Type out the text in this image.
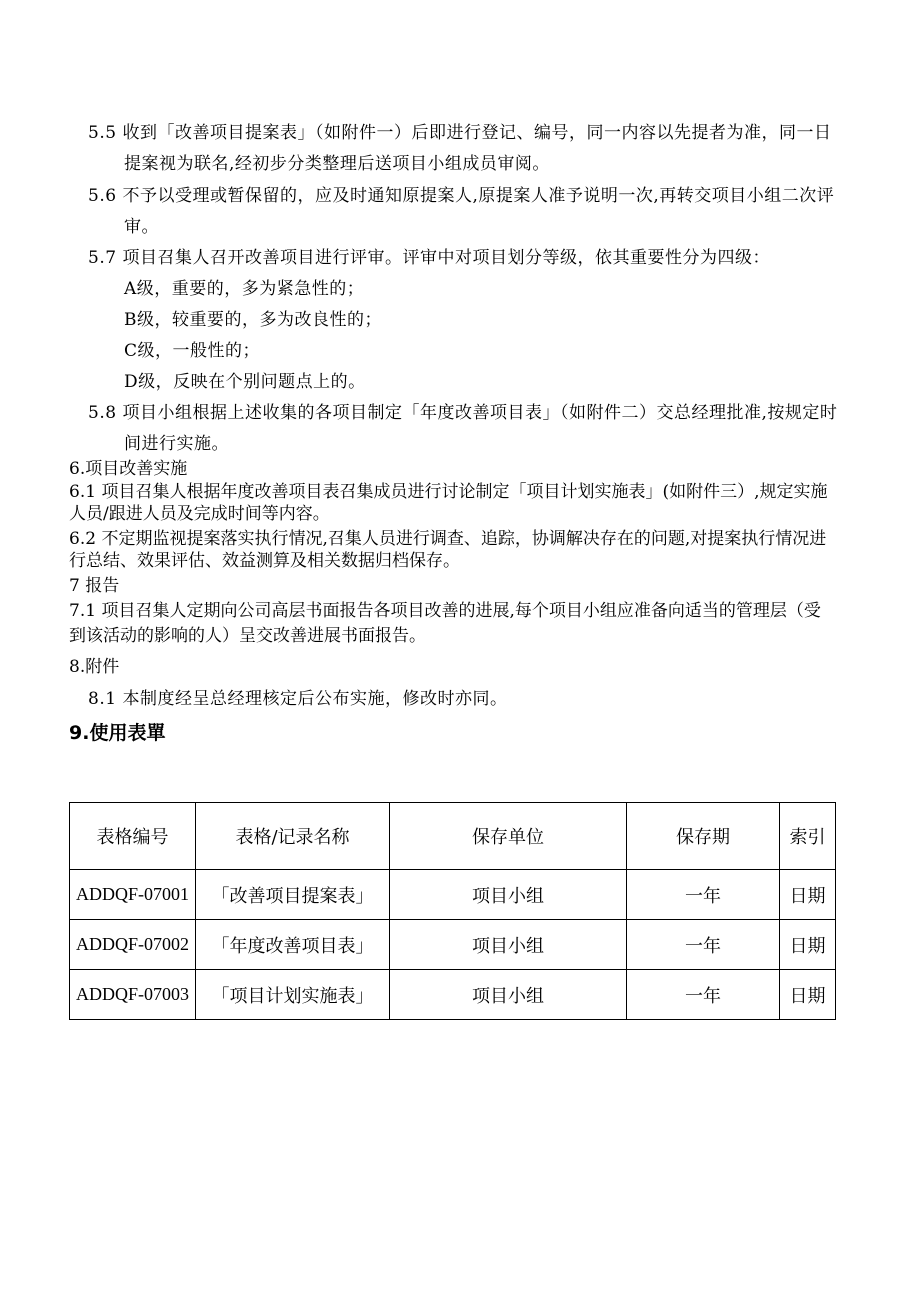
5.5 收到「改善项目提案表」（如附件一）后即进行登记、编号，同一内容以先提者为准，同一日
提案视为联名,经初步分类整理后送项目小组成员审阅。
5.6 不予以受理或暂保留的，应及时通知原提案人,原提案人准予说明一次,再转交项目小组二次评
审。
5.7 项目召集人召开改善项目进行评审。评审中对项目划分等级，依其重要性分为四级：
A级，重要的，多为紧急性的；
B级，较重要的，多为改良性的；
C级，一般性的；
D级，反映在个别问题点上的。
5.8 项目小组根据上述收集的各项目制定「年度改善项目表」（如附件二）交总经理批准,按规定时
间进行实施。
6.项目改善实施
6.1 项目召集人根据年度改善项目表召集成员进行讨论制定「项目计划实施表」(如附件三）,规定实施
人员/跟进人员及完成时间等内容。
6.2 不定期监视提案落实执行情况,召集人员进行调查、追踪，协调解决存在的问题,对提案执行情况进
行总结、效果评估、效益测算及相关数据归档保存。
7 报告
7.1 项目召集人定期向公司高层书面报告各项目改善的进展,每个项目小组应准备向适当的管理层（受
到该活动的影响的人）呈交改善进展书面报告。
8.附件
8.1 本制度经呈总经理核定后公布实施，修改时亦同。
9.使用表單
表格编号	表格/记录名称	保存单位	保存期	索引
ADDQF-07001	「改善项目提案表」	项目小组	一年	日期
ADDQF-07002	「年度改善项目表」	项目小组	一年	日期
ADDQF-07003	「项目计划实施表」	项目小组	一年	日期
